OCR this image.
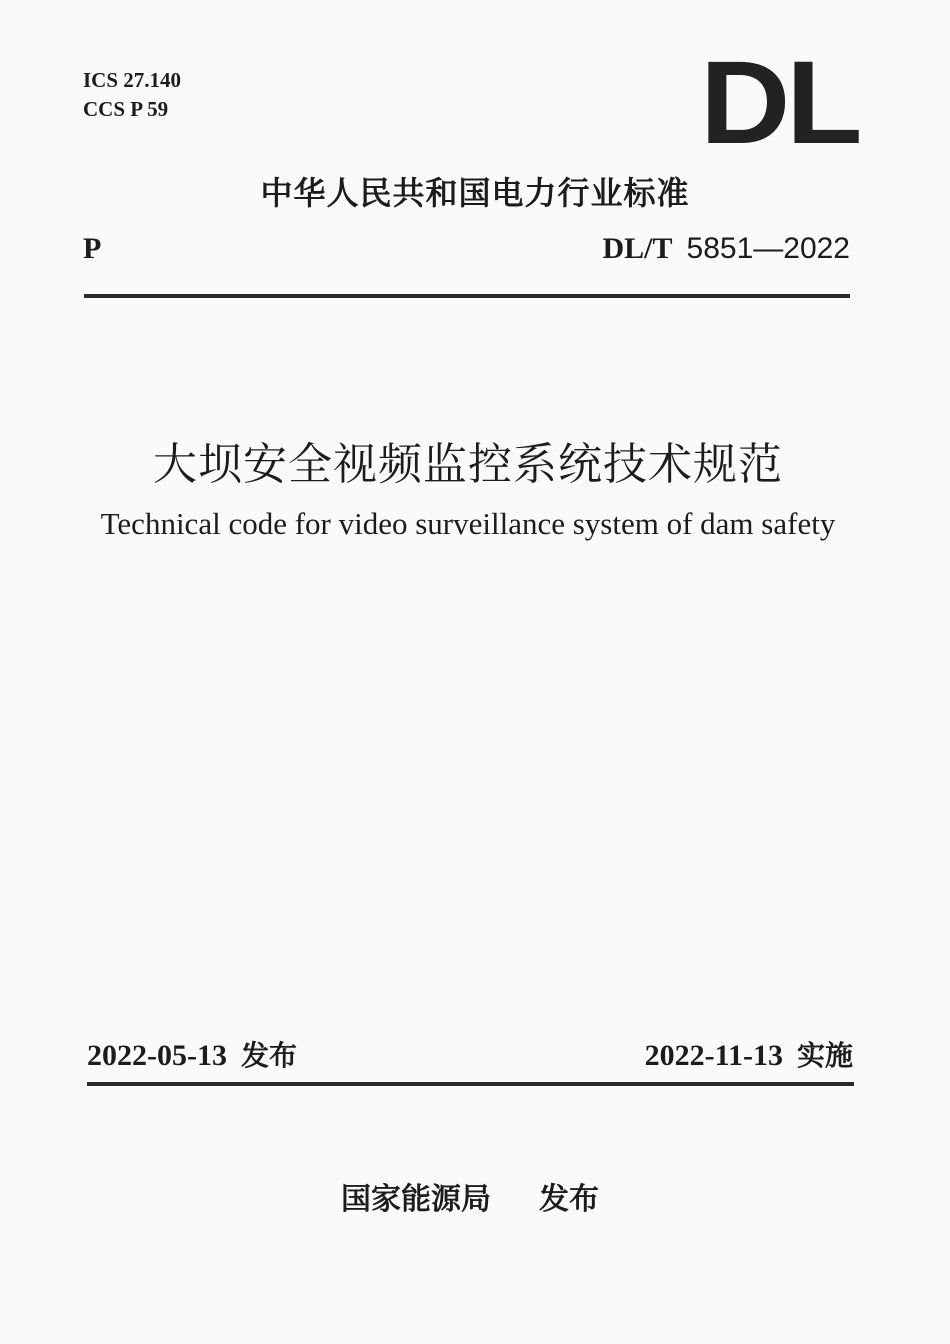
ICS 27.140
CCS P 59	DL
中华人民共和国电力行业标准
P	DL/T 5851—2022
大坝安全视频监控系统技术规范
Technical code for video surveillance system of dam safety
2022-05-13 发布	2022-11-13 实施
国家能源局 发布
